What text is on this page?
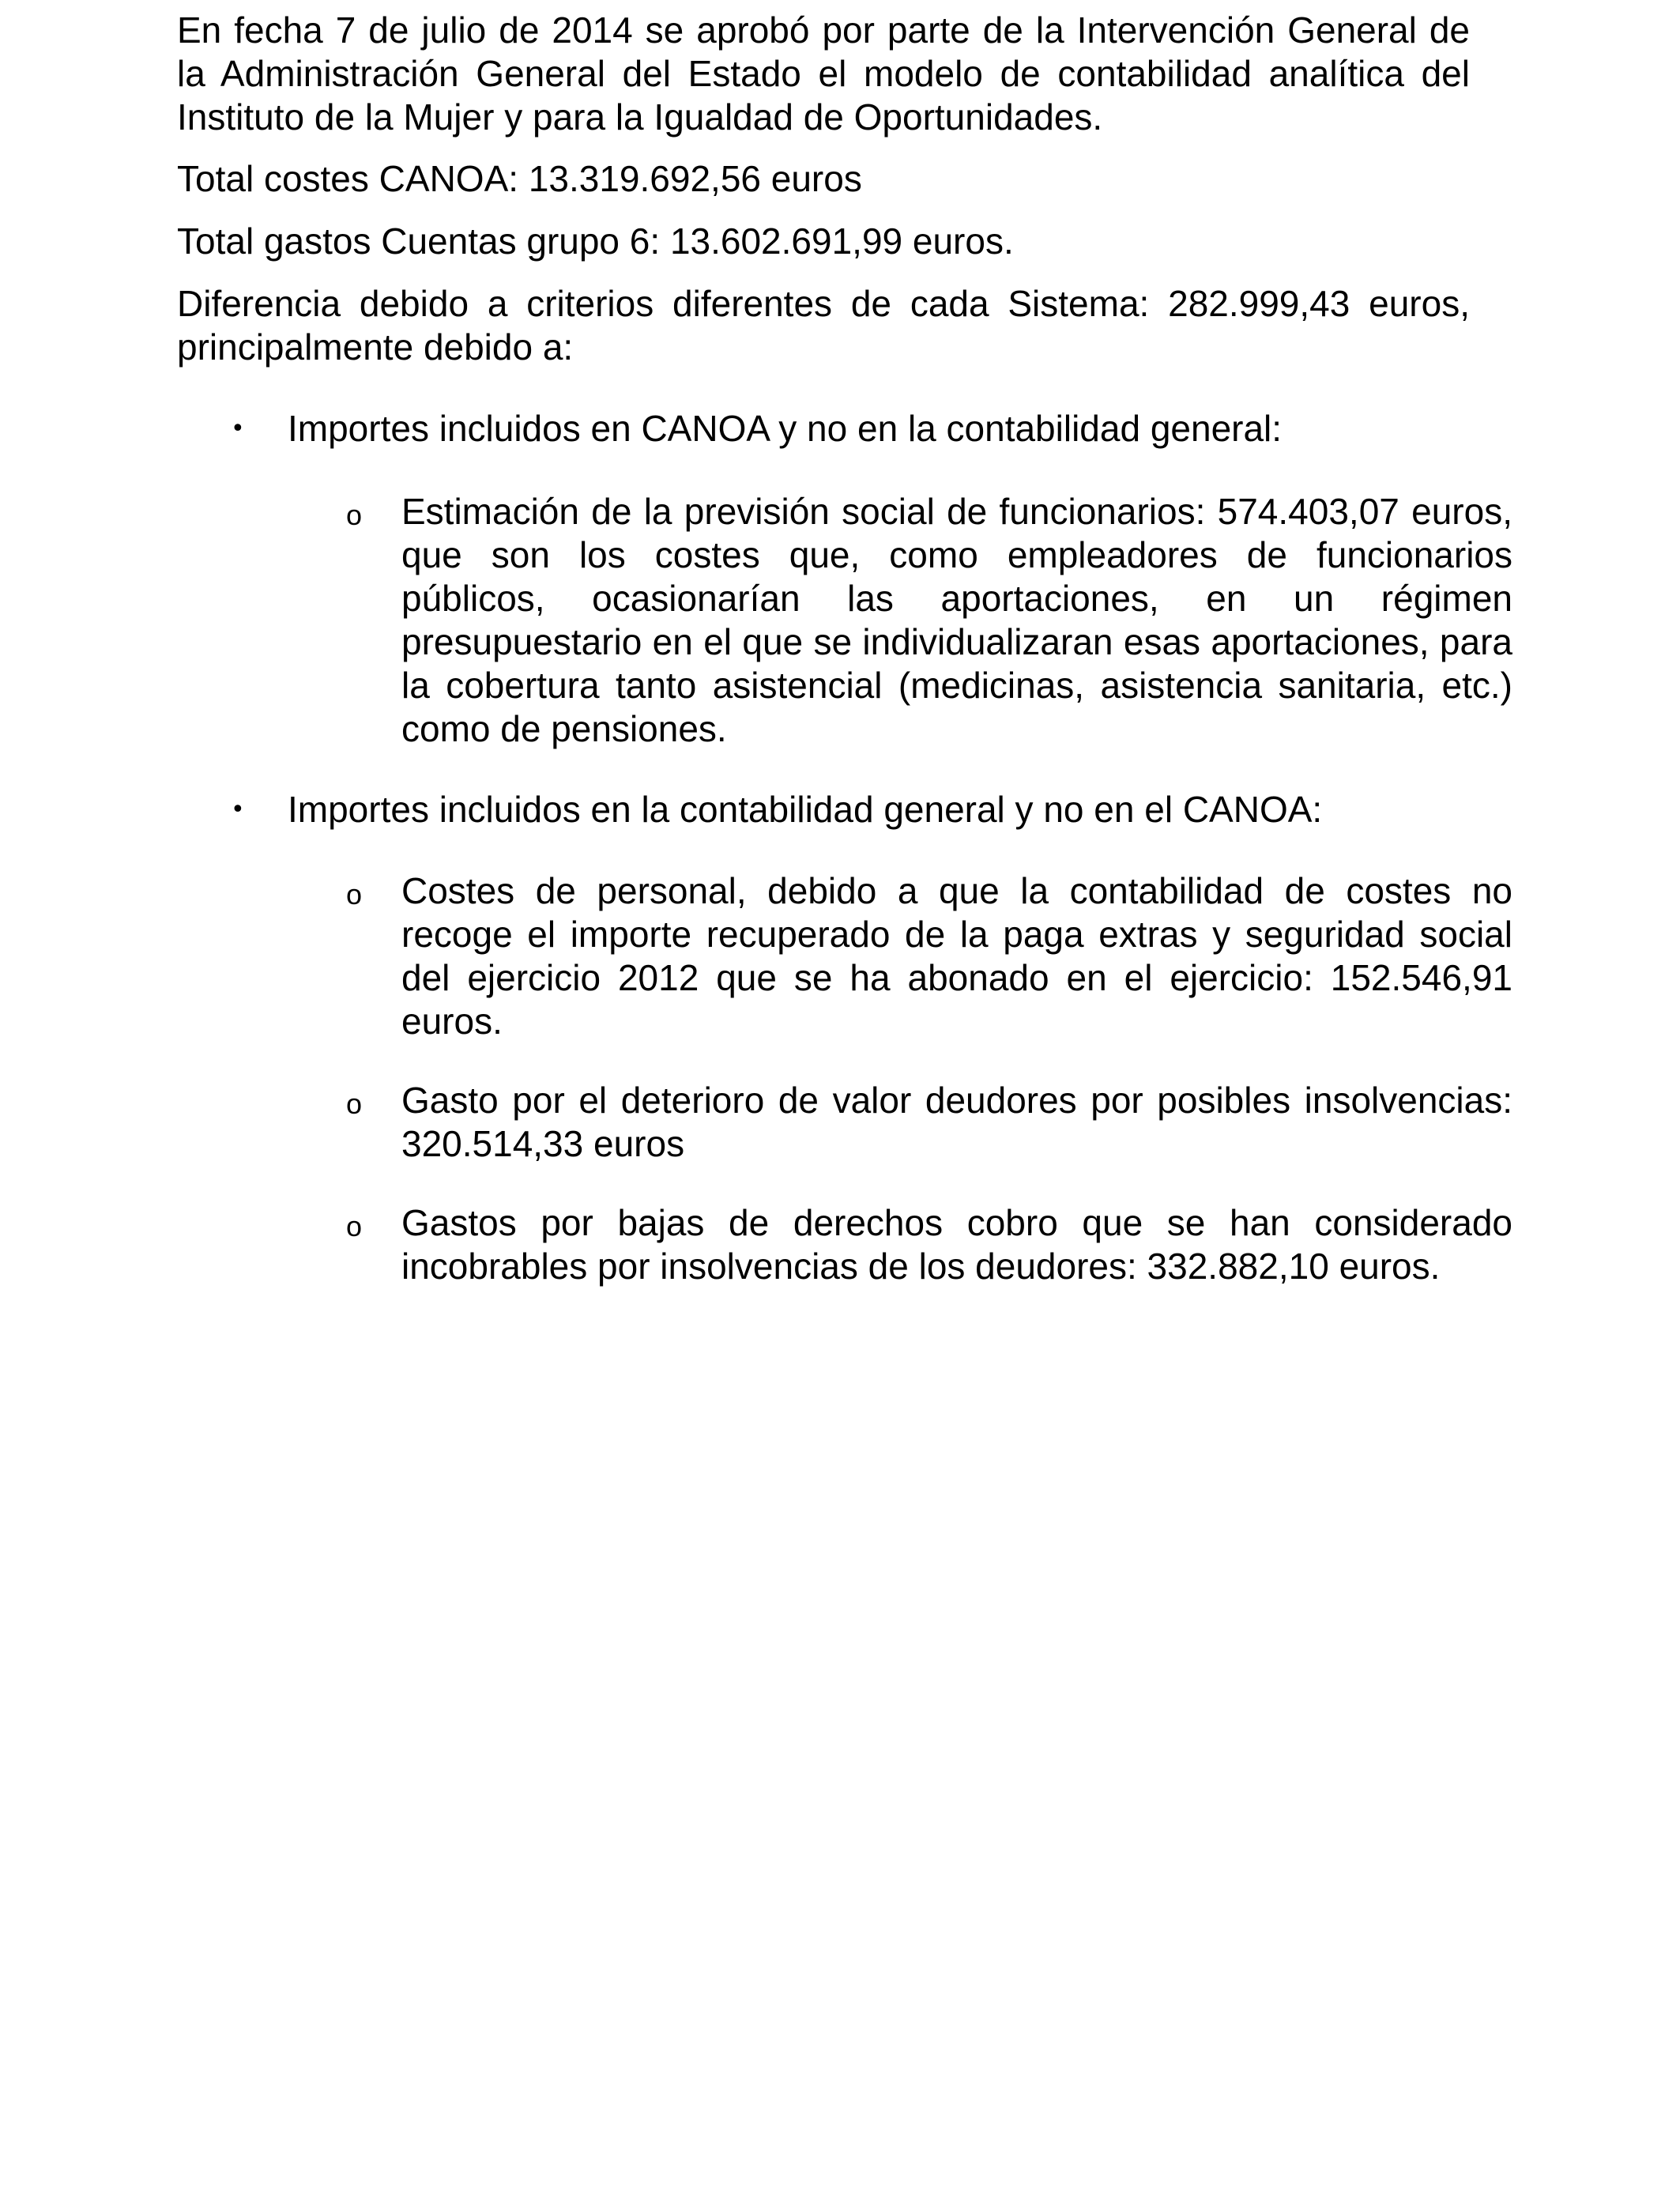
En fecha 7 de julio de 2014 se aprobó por parte de la Intervención General de la Administración General del Estado el modelo de contabilidad analítica del Instituto de la Mujer y para la Igualdad de Oportunidades.

Total costes CANOA: 13.319.692,56 euros

Total gastos Cuentas grupo 6: 13.602.691,99 euros.

Diferencia debido a criterios diferentes de cada Sistema: 282.999,43 euros, principalmente debido a:

•	Importes incluidos en CANOA y no en la contabilidad general:
o Estimación de la previsión social de funcionarios: 574.403,07 euros, que son los costes que, como empleadores de funcionarios públicos, ocasionarían las aportaciones, en un régimen presupuestario en el que se individualizaran esas aportaciones, para la cobertura tanto asistencial (medicinas, asistencia sanitaria, etc.) como de pensiones.

•	Importes incluidos en la contabilidad general y no en el CANOA:
o Costes de personal, debido a que la contabilidad de costes no recoge el importe recuperado de la paga extras y seguridad social del ejercicio 2012 que se ha abonado en el ejercicio: 152.546,91 euros.

o Gasto por el deterioro de valor deudores por posibles insolvencias: 320.514,33 euros

o Gastos por bajas de derechos cobro que se han considerado incobrables por insolvencias de los deudores: 332.882,10 euros.
